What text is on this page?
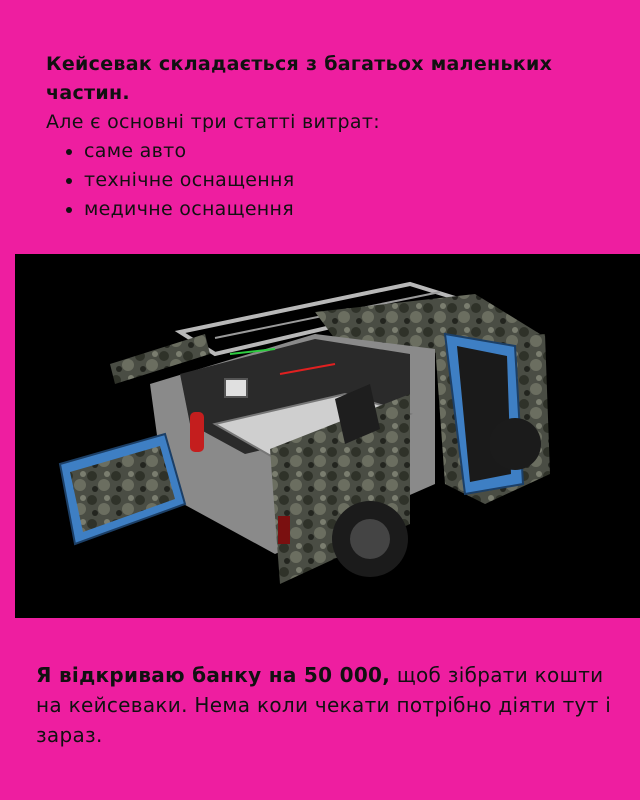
Кейсевак складається з багатьох маленьких частин.
Але є основні три статті витрат:
саме авто
технічне оснащення
медичне оснащення
Я відкриваю банку на 50 000, щоб зібрати кошти на кейсеваки. Нема коли чекати потрібно діяти тут і зараз.
